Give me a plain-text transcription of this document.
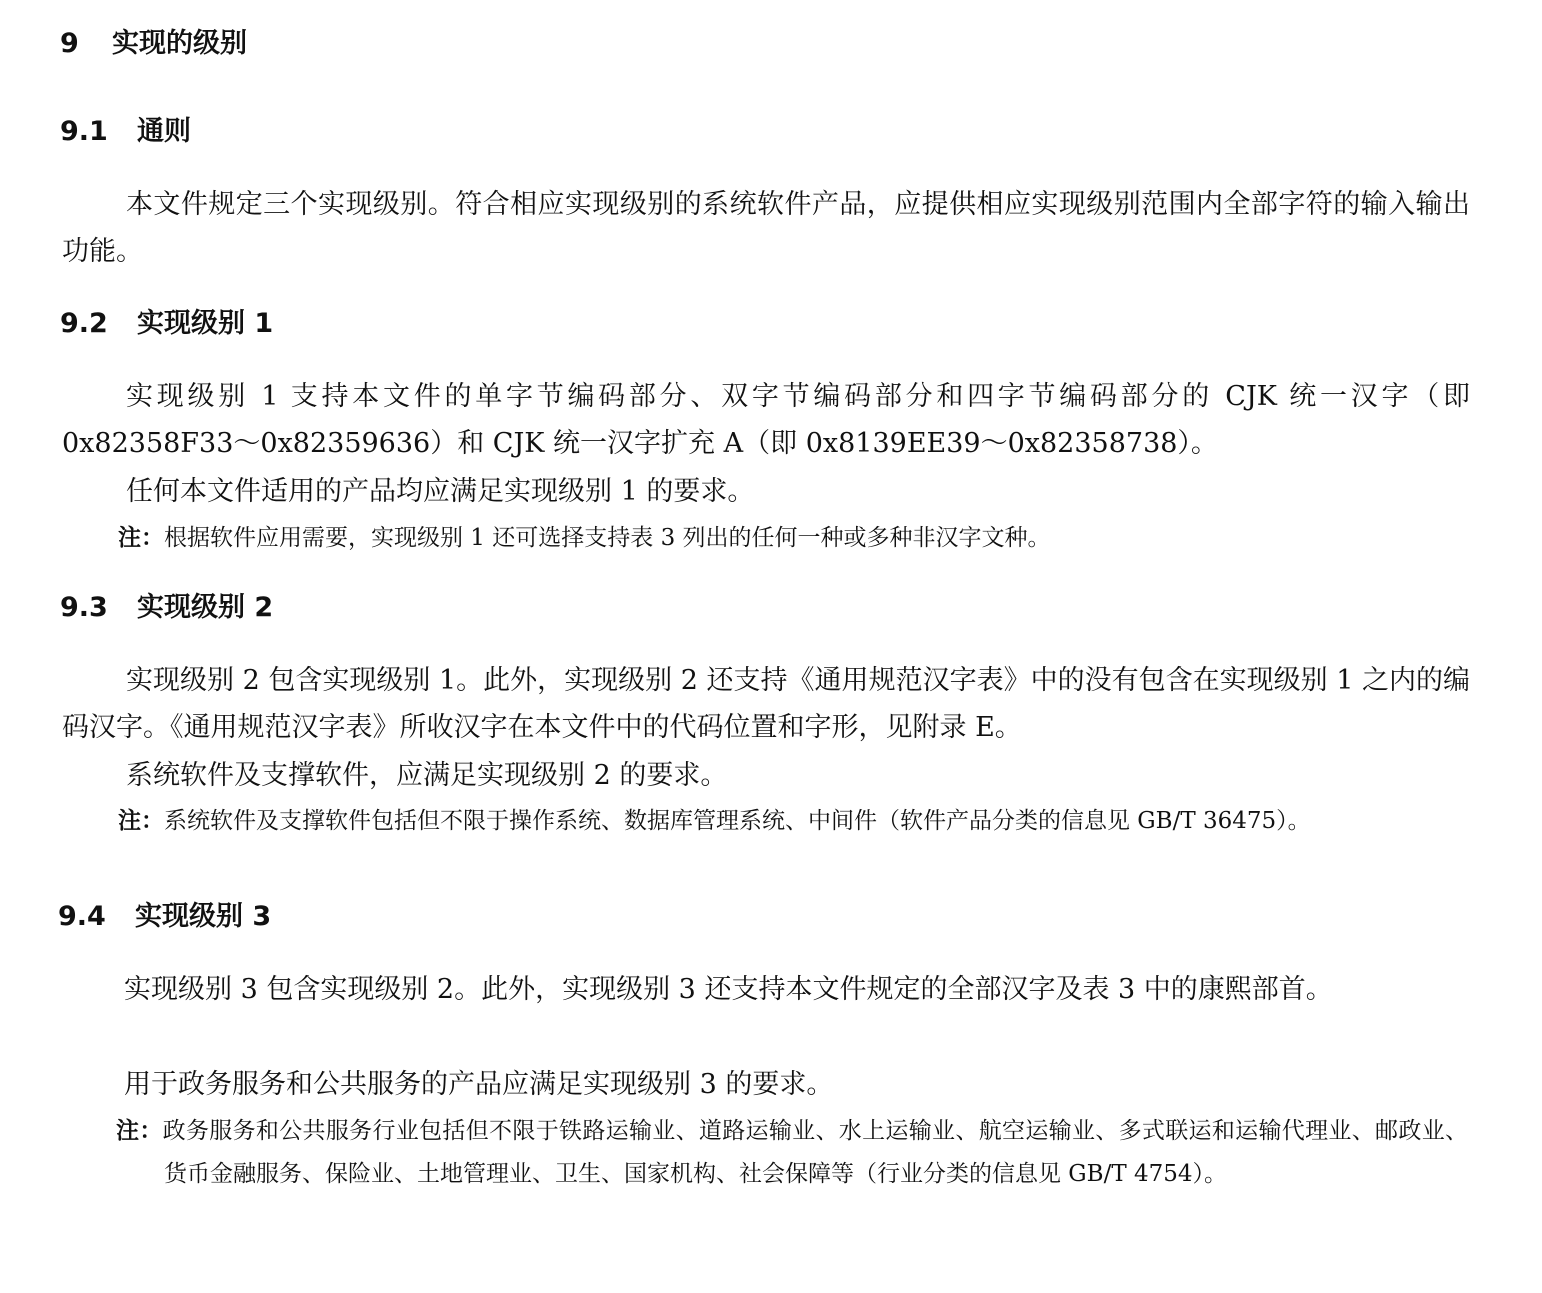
9 实现的级别
9.1 通则

本文件规定三个实现级别。符合相应实现级别的系统软件产品，应提供相应实现级别范围内全部字符的输入输出功能。

9.2 实现级别 1

实现级别 1 支持本文件的单字节编码部分、双字节编码部分和四字节编码部分的 CJK 统一汉字（即 0x82358F33～0x82359636）和 CJK 统一汉字扩充 A（即 0x8139EE39～0x82358738）。

任何本文件适用的产品均应满足实现级别 1 的要求。

注：根据软件应用需要，实现级别 1 还可选择支持表 3 列出的任何一种或多种非汉字文种。

9.3 实现级别 2

实现级别 2 包含实现级别 1。此外，实现级别 2 还支持《通用规范汉字表》中的没有包含在实现级别 1 之内的编码汉字。《通用规范汉字表》所收汉字在本文件中的代码位置和字形，见附录 E。

系统软件及支撑软件，应满足实现级别 2 的要求。

注：系统软件及支撑软件包括但不限于操作系统、数据库管理系统、中间件（软件产品分类的信息见 GB/T 36475）。

9.4 实现级别 3

实现级别 3 包含实现级别 2。此外，实现级别 3 还支持本文件规定的全部汉字及表 3 中的康熙部首。

用于政务服务和公共服务的产品应满足实现级别 3 的要求。

注：政务服务和公共服务行业包括但不限于铁路运输业、道路运输业、水上运输业、航空运输业、多式联运和运输代理业、邮政业、货币金融服务、保险业、土地管理业、卫生、国家机构、社会保障等（行业分类的信息见 GB/T 4754）。
